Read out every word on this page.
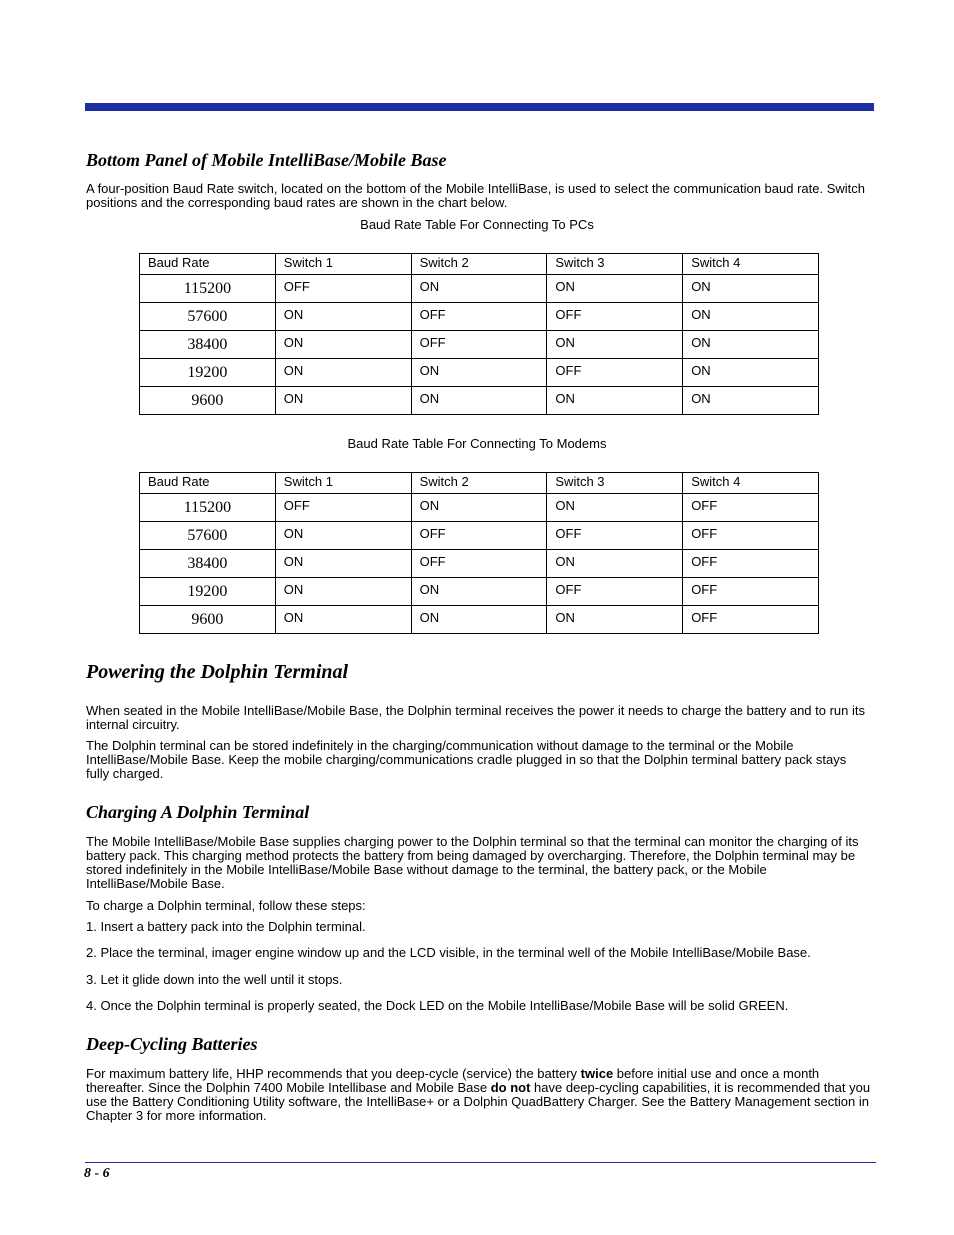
Bottom Panel of Mobile IntelliBase/Mobile Base

A four-position Baud Rate switch, located on the bottom of the Mobile IntelliBase, is used to select the communication baud rate. Switch positions and the corresponding baud rates are shown in the chart below.

Baud Rate Table For Connecting To PCs

Baud Rate	Switch 1	Switch 2	Switch 3	Switch 4
115200	OFF	ON	ON	ON
57600	ON	OFF	OFF	ON
38400	ON	OFF	ON	ON
19200	ON	ON	OFF	ON
9600	ON	ON	ON	ON

Baud Rate Table For Connecting To Modems

Baud Rate	Switch 1	Switch 2	Switch 3	Switch 4
115200	OFF	ON	ON	OFF
57600	ON	OFF	OFF	OFF
38400	ON	OFF	ON	OFF
19200	ON	ON	OFF	OFF
9600	ON	ON	ON	OFF
Powering the Dolphin Terminal

When seated in the Mobile IntelliBase/Mobile Base, the Dolphin terminal receives the power it needs to charge the battery and to run its internal circuitry.

The Dolphin terminal can be stored indefinitely in the charging/communication without damage to the terminal or the Mobile IntelliBase/Mobile Base. Keep the mobile charging/communications cradle plugged in so that the Dolphin terminal battery pack stays fully charged.

Charging A Dolphin Terminal

The Mobile IntelliBase/Mobile Base supplies charging power to the Dolphin terminal so that the terminal can monitor the charging of its battery pack. This charging method protects the battery from being damaged by overcharging. Therefore, the Dolphin terminal may be stored indefinitely in the Mobile IntelliBase/Mobile Base without damage to the terminal, the battery pack, or the Mobile IntelliBase/Mobile Base.

To charge a Dolphin terminal, follow these steps:

1. Insert a battery pack into the Dolphin terminal.

2. Place the terminal, imager engine window up and the LCD visible, in the terminal well of the Mobile IntelliBase/Mobile Base.

3. Let it glide down into the well until it stops.

4. Once the Dolphin terminal is properly seated, the Dock LED on the Mobile IntelliBase/Mobile Base will be solid GREEN.

Deep-Cycling Batteries

For maximum battery life, HHP recommends that you deep-cycle (service) the battery twice before initial use and once a month thereafter. Since the Dolphin 7400 Mobile Intellibase and Mobile Base do not have deep-cycling capabilities, it is recommended that you use the Battery Conditioning Utility software, the IntelliBase+ or a Dolphin QuadBattery Charger. See the Battery Management section in Chapter 3 for more information.

8 - 6
